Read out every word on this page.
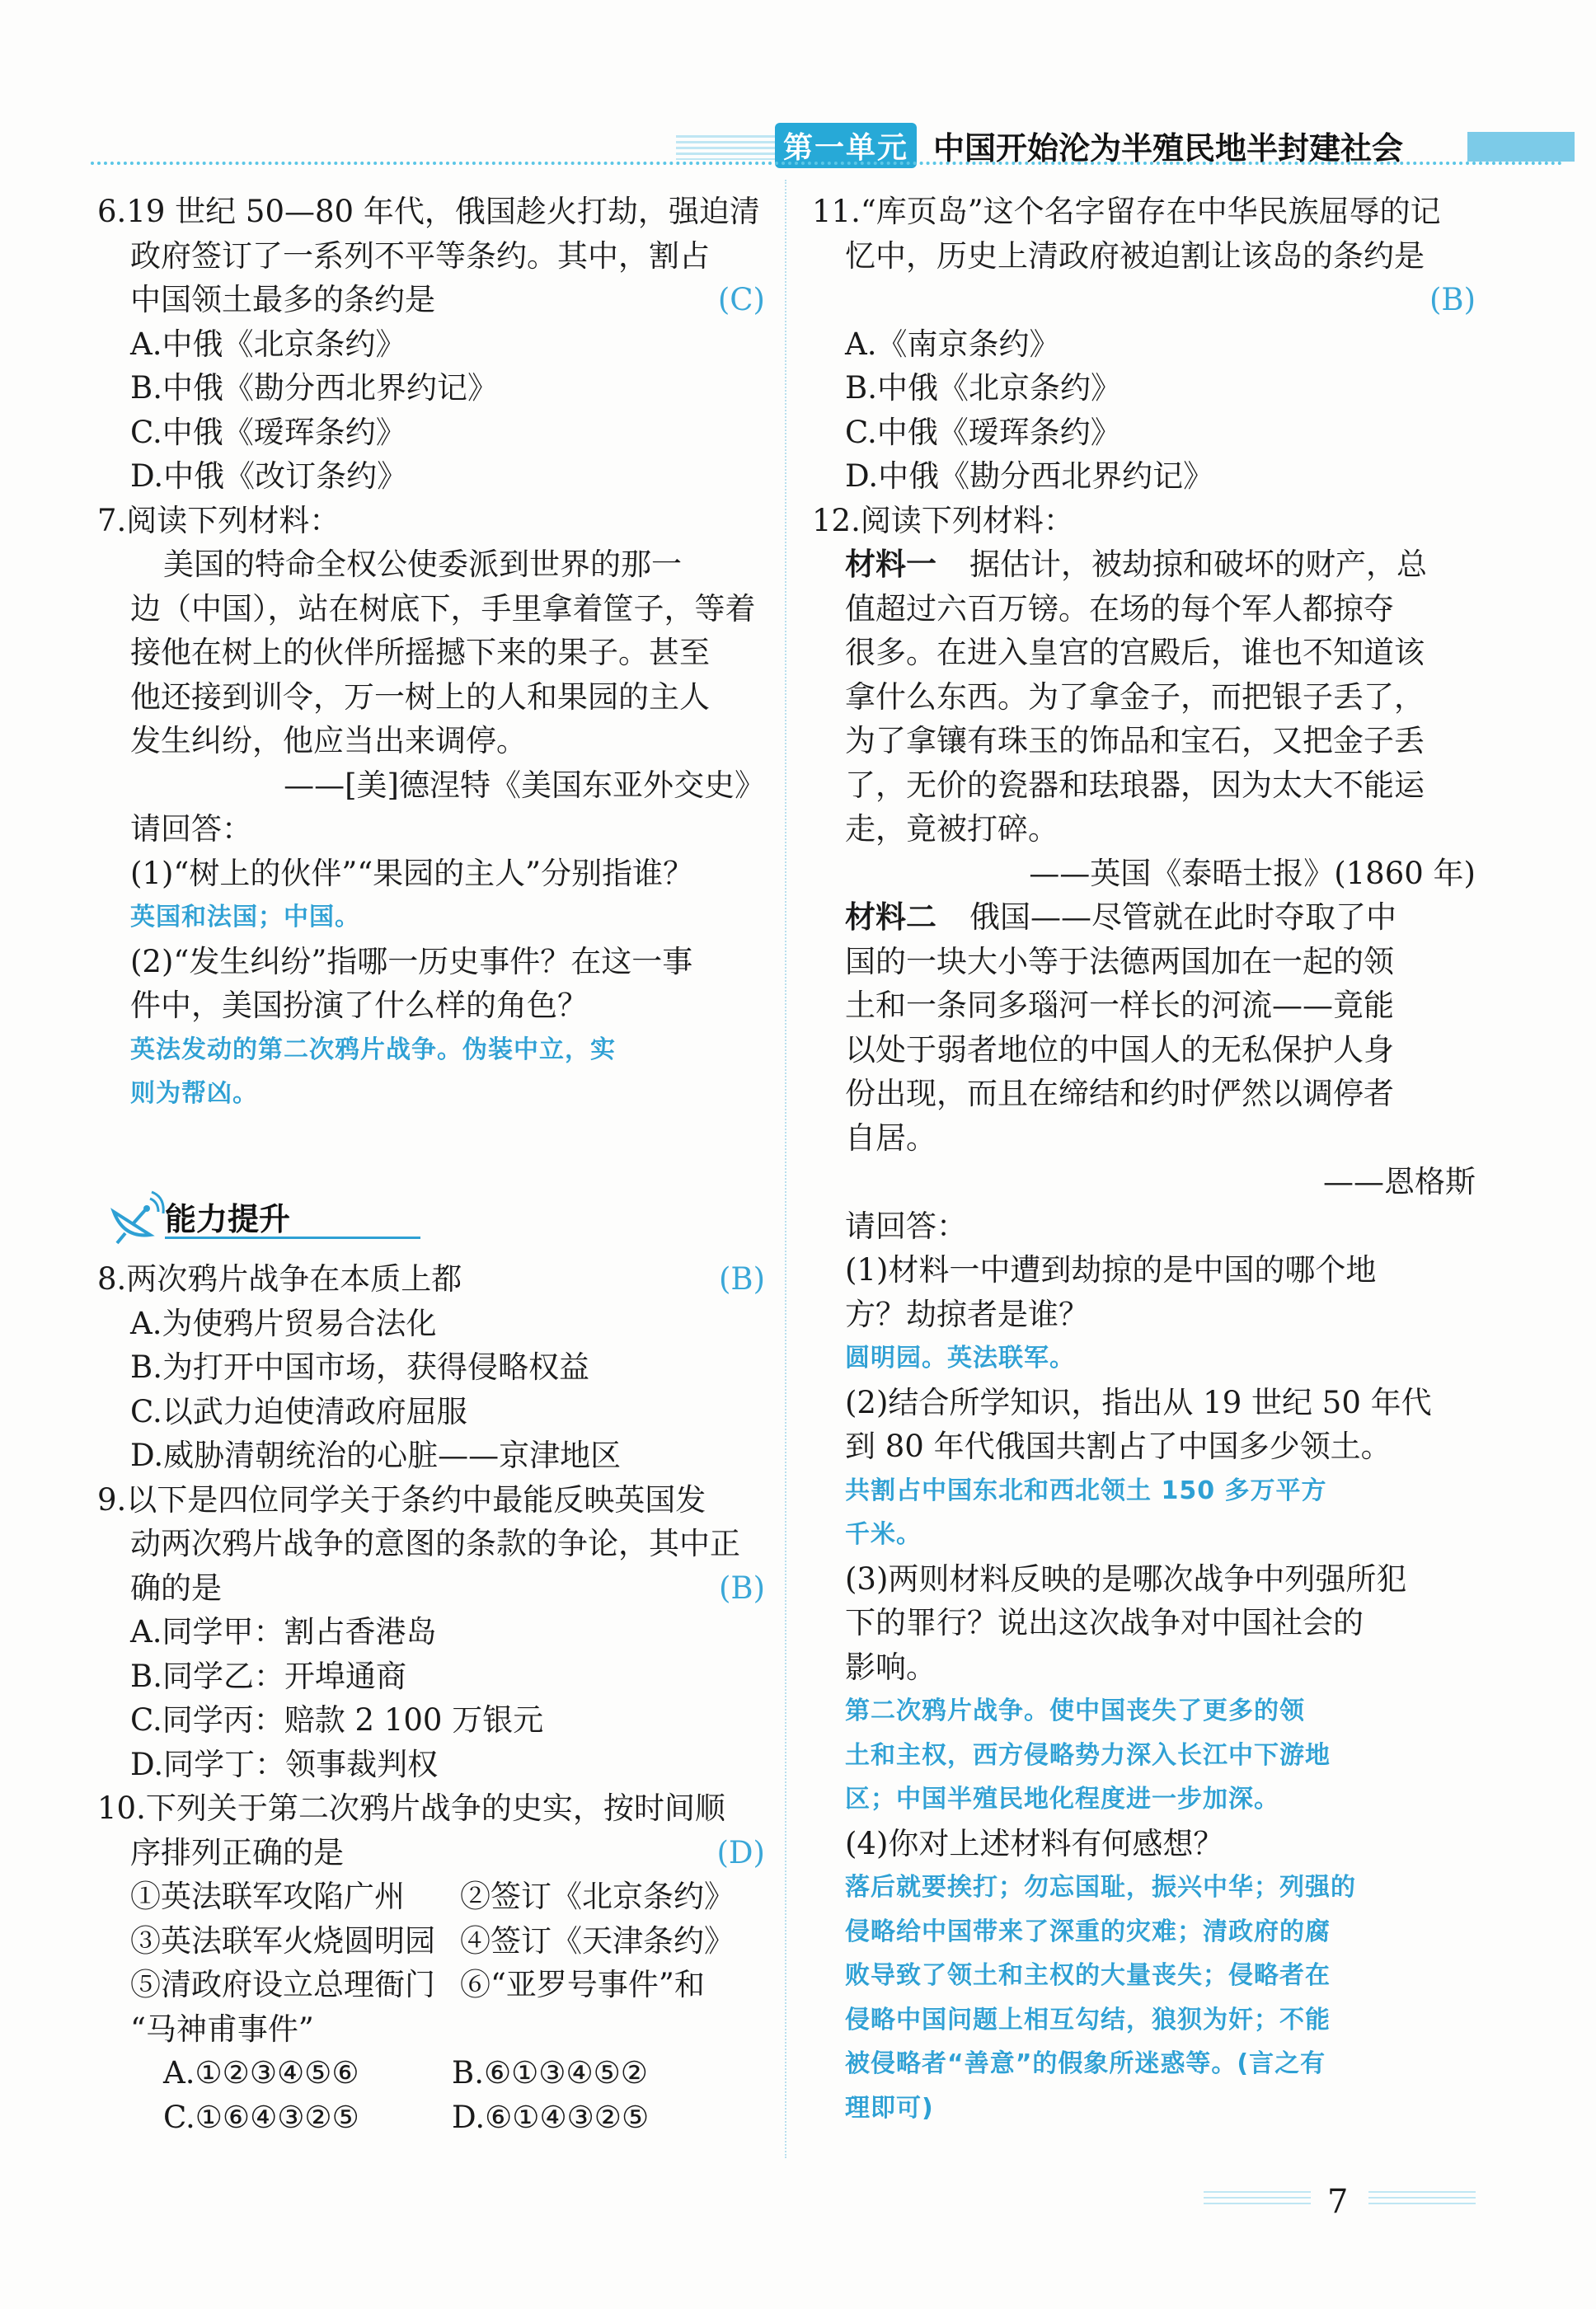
第一单元 中国开始沦为半殖民地半封建社会

6.19 世纪 50—80 年代，俄国趁火打劫，强迫清

政府签订了一系列不平等条约。其中，割占

中国领土最多的条约是	(C)

A.中俄《北京条约》

B.中俄《勘分西北界约记》

C.中俄《瑷珲条约》

D.中俄《改订条约》

7.阅读下列材料：

美国的特命全权公使委派到世界的那一

边（中国），站在树底下，手里拿着筐子，等着

接他在树上的伙伴所摇撼下来的果子。甚至

他还接到训令，万一树上的人和果园的主人

发生纠纷，他应当出来调停。

——[美]德涅特《美国东亚外交史》

请回答：

(1)“树上的伙伴”“果园的主人”分别指谁？

英国和法国；中国。

(2)“发生纠纷”指哪一历史事件？在这一事

件中，美国扮演了什么样的角色？

英法发动的第二次鸦片战争。伪装中立，实

则为帮凶。

能力提升

8.两次鸦片战争在本质上都	(B)

A.为使鸦片贸易合法化

B.为打开中国市场，获得侵略权益

C.以武力迫使清政府屈服

D.威胁清朝统治的心脏——京津地区

9.以下是四位同学关于条约中最能反映英国发

动两次鸦片战争的意图的条款的争论，其中正

确的是	(B)

A.同学甲：割占香港岛

B.同学乙：开埠通商

C.同学丙：赔款 2 100 万银元

D.同学丁：领事裁判权

10.下列关于第二次鸦片战争的史实，按时间顺

序排列正确的是	(D)

①英法联军攻陷广州 ②签订《北京条约》

③英法联军火烧圆明园 ④签订《天津条约》

⑤清政府设立总理衙门 ⑥“亚罗号事件”和

“马神甫事件”

A.①②③④⑤⑥	B.⑥①③④⑤②

C.①⑥④③②⑤	D.⑥①④③②⑤

11.“库页岛”这个名字留存在中华民族屈辱的记

忆中，历史上清政府被迫割让该岛的条约是

(B)

A.《南京条约》

B.中俄《北京条约》

C.中俄《瑷珲条约》

D.中俄《勘分西北界约记》

12.阅读下列材料：

材料一 据估计，被劫掠和破坏的财产，总

值超过六百万镑。在场的每个军人都掠夺

很多。在进入皇宫的宫殿后，谁也不知道该

拿什么东西。为了拿金子，而把银子丢了，

为了拿镶有珠玉的饰品和宝石，又把金子丢

了，无价的瓷器和珐琅器，因为太大不能运

走，竟被打碎。

——英国《泰晤士报》(1860 年)

材料二 俄国——尽管就在此时夺取了中

国的一块大小等于法德两国加在一起的领

土和一条同多瑙河一样长的河流——竟能

以处于弱者地位的中国人的无私保护人身

份出现，而且在缔结和约时俨然以调停者

自居。

——恩格斯

请回答：

(1)材料一中遭到劫掠的是中国的哪个地

方？劫掠者是谁？

圆明园。英法联军。

(2)结合所学知识，指出从 19 世纪 50 年代

到 80 年代俄国共割占了中国多少领土。

共割占中国东北和西北领土 150 多万平方

千米。

(3)两则材料反映的是哪次战争中列强所犯

下的罪行？说出这次战争对中国社会的

影响。

第二次鸦片战争。使中国丧失了更多的领

土和主权，西方侵略势力深入长江中下游地

区；中国半殖民地化程度进一步加深。

(4)你对上述材料有何感想？

落后就要挨打；勿忘国耻，振兴中华；列强的

侵略给中国带来了深重的灾难；清政府的腐

败导致了领土和主权的大量丧失；侵略者在

侵略中国问题上相互勾结，狼狈为奸；不能

被侵略者“善意”的假象所迷惑等。(言之有

理即可)

7
